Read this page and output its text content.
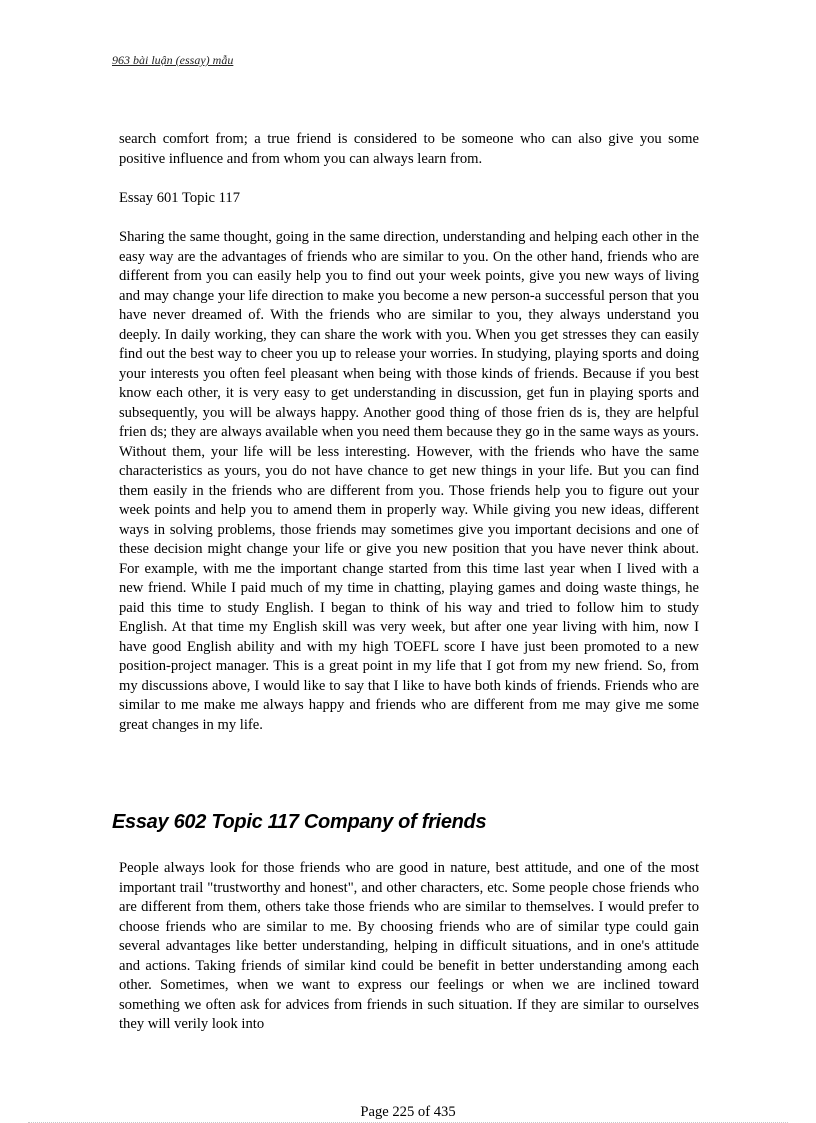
963 bài luận (essay) mẫu

search comfort from; a true friend is considered to be someone who can also give you some positive influence and from whom you can always learn from.

Essay 601 Topic 117

Sharing the same thought, going in the same direction, understanding and helping each other in the easy way are the advantages of friends who are similar to you. On the other hand, friends who are different from you can easily help you to find out your week points, give you new ways of living and may change your life direction to make you become a new person-a successful person that you have never dreamed of. With the friends who are similar to you, they always understand you deeply. In daily working, they can share the work with you. When you get stresses they can easily find out the best way to cheer you up to release your worries. In studying, playing sports and doing your interests you often feel pleasant when being with those kinds of friends. Because if you best know each other, it is very easy to get understanding in discussion, get fun in playing sports and subsequently, you will be always happy. Another good thing of those frien ds is, they are helpful frien ds; they are always available when you need them because they go in the same ways as yours. Without them, your life will be less interesting. However, with the friends who have the same characteristics as yours, you do not have chance to get new things in your life. But you can find them easily in the friends who are different from you. Those friends help you to figure out your week points and help you to amend them in properly way. While giving you new ideas, different ways in solving problems, those friends may sometimes give you important decisions and one of these decision might change your life or give you new position that you have never think about. For example, with me the important change started from this time last year when I lived with a new friend. While I paid much of my time in chatting, playing games and doing waste things, he paid this time to study English. I began to think of his way and tried to follow him to study English. At that time my English skill was very week, but after one year living with him, now I have good English ability and with my high TOEFL score I have just been promoted to a new position-project manager. This is a great point in my life that I got from my new friend. So, from my discussions above, I would like to say that I like to have both kinds of friends. Friends who are similar to me make me always happy and friends who are different from me may give me some great changes in my life.

Essay 602 Topic 117 Company of friends

People always look for those friends who are good in nature, best attitude, and one of the most important trail "trustworthy and honest", and other characters, etc. Some people chose friends who are different from them, others take those friends who are similar to themselves. I would prefer to choose friends who are similar to me. By choosing friends who are of similar type could gain several advantages like better understanding, helping in difficult situations, and in one's attitude and actions. Taking friends of similar kind could be benefit in better understanding among each other. Sometimes, when we want to express our feelings or when we are inclined toward something we often ask for advices from friends in such situation. If they are similar to ourselves they will verily look into

Page 225 of 435
